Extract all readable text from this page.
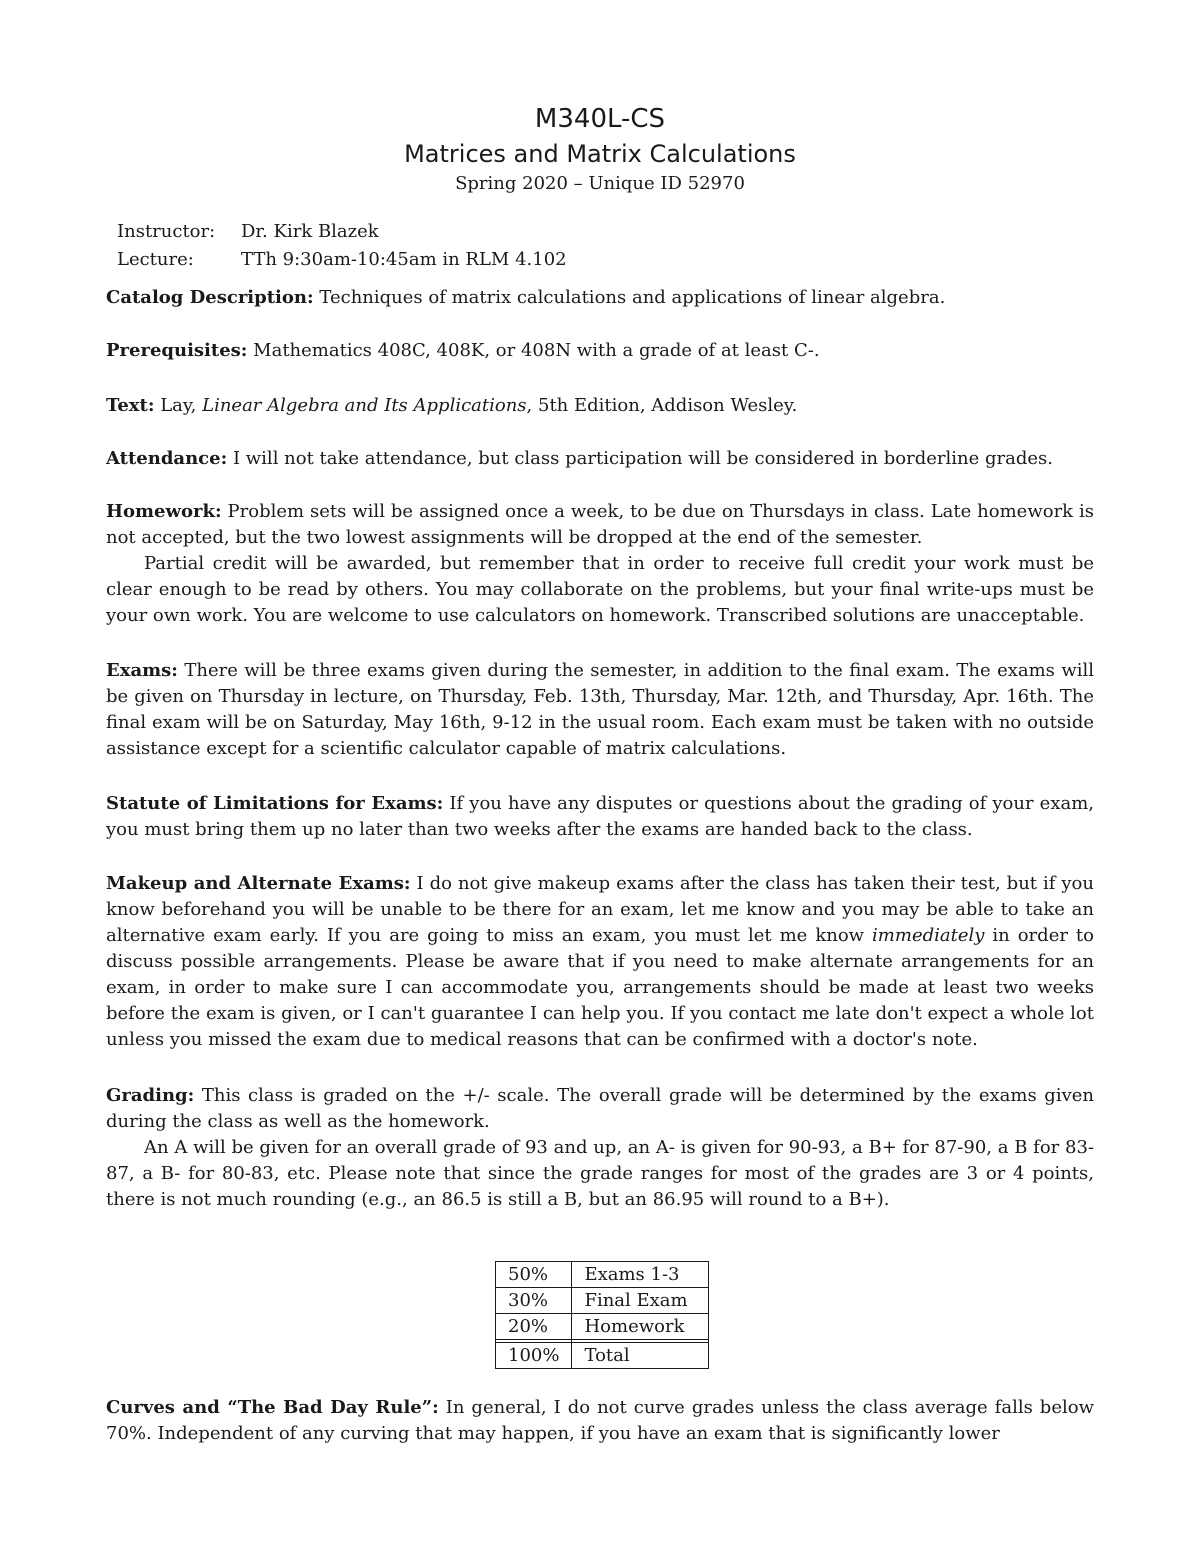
M340L-CS
Matrices and Matrix Calculations
Spring 2020 – Unique ID 52970
Instructor: Dr. Kirk Blazek
Lecture:	TTh 9:30am-10:45am in RLM 4.102

Catalog Description: Techniques of matrix calculations and applications of linear algebra.

Prerequisites: Mathematics 408C, 408K, or 408N with a grade of at least C-.

Text: Lay, Linear Algebra and Its Applications, 5th Edition, Addison Wesley.

Attendance: I will not take attendance, but class participation will be considered in borderline grades.

Homework: Problem sets will be assigned once a week, to be due on Thursdays in class. Late homework is not accepted, but the two lowest assignments will be dropped at the end of the semester.

Partial credit will be awarded, but remember that in order to receive full credit your work must be clear enough to be read by others. You may collaborate on the problems, but your final write-ups must be your own work. You are welcome to use calculators on homework. Transcribed solutions are unacceptable.

Exams: There will be three exams given during the semester, in addition to the final exam. The exams will be given on Thursday in lecture, on Thursday, Feb. 13th, Thursday, Mar. 12th, and Thursday, Apr. 16th. The final exam will be on Saturday, May 16th, 9-12 in the usual room. Each exam must be taken with no outside assistance except for a scientific calculator capable of matrix calculations.

Statute of Limitations for Exams: If you have any disputes or questions about the grading of your exam, you must bring them up no later than two weeks after the exams are handed back to the class.

Makeup and Alternate Exams: I do not give makeup exams after the class has taken their test, but if you know beforehand you will be unable to be there for an exam, let me know and you may be able to take an alternative exam early. If you are going to miss an exam, you must let me know immediately in order to discuss possible arrangements. Please be aware that if you need to make alternate arrangements for an exam, in order to make sure I can accommodate you, arrangements should be made at least two weeks before the exam is given, or I can't guarantee I can help you. If you contact me late don't expect a whole lot unless you missed the exam due to medical reasons that can be confirmed with a doctor's note.

Grading: This class is graded on the +/- scale. The overall grade will be determined by the exams given during the class as well as the homework.

An A will be given for an overall grade of 93 and up, an A- is given for 90-93, a B+ for 87-90, a B for 83-87, a B- for 80-83, etc. Please note that since the grade ranges for most of the grades are 3 or 4 points, there is not much rounding (e.g., an 86.5 is still a B, but an 86.95 will round to a B+).

50%	Exams 1-3
30%	Final Exam
20%	Homework

100%	Total

Curves and “The Bad Day Rule”: In general, I do not curve grades unless the class average falls below 70%. Independent of any curving that may happen, if you have an exam that is significantly lower
